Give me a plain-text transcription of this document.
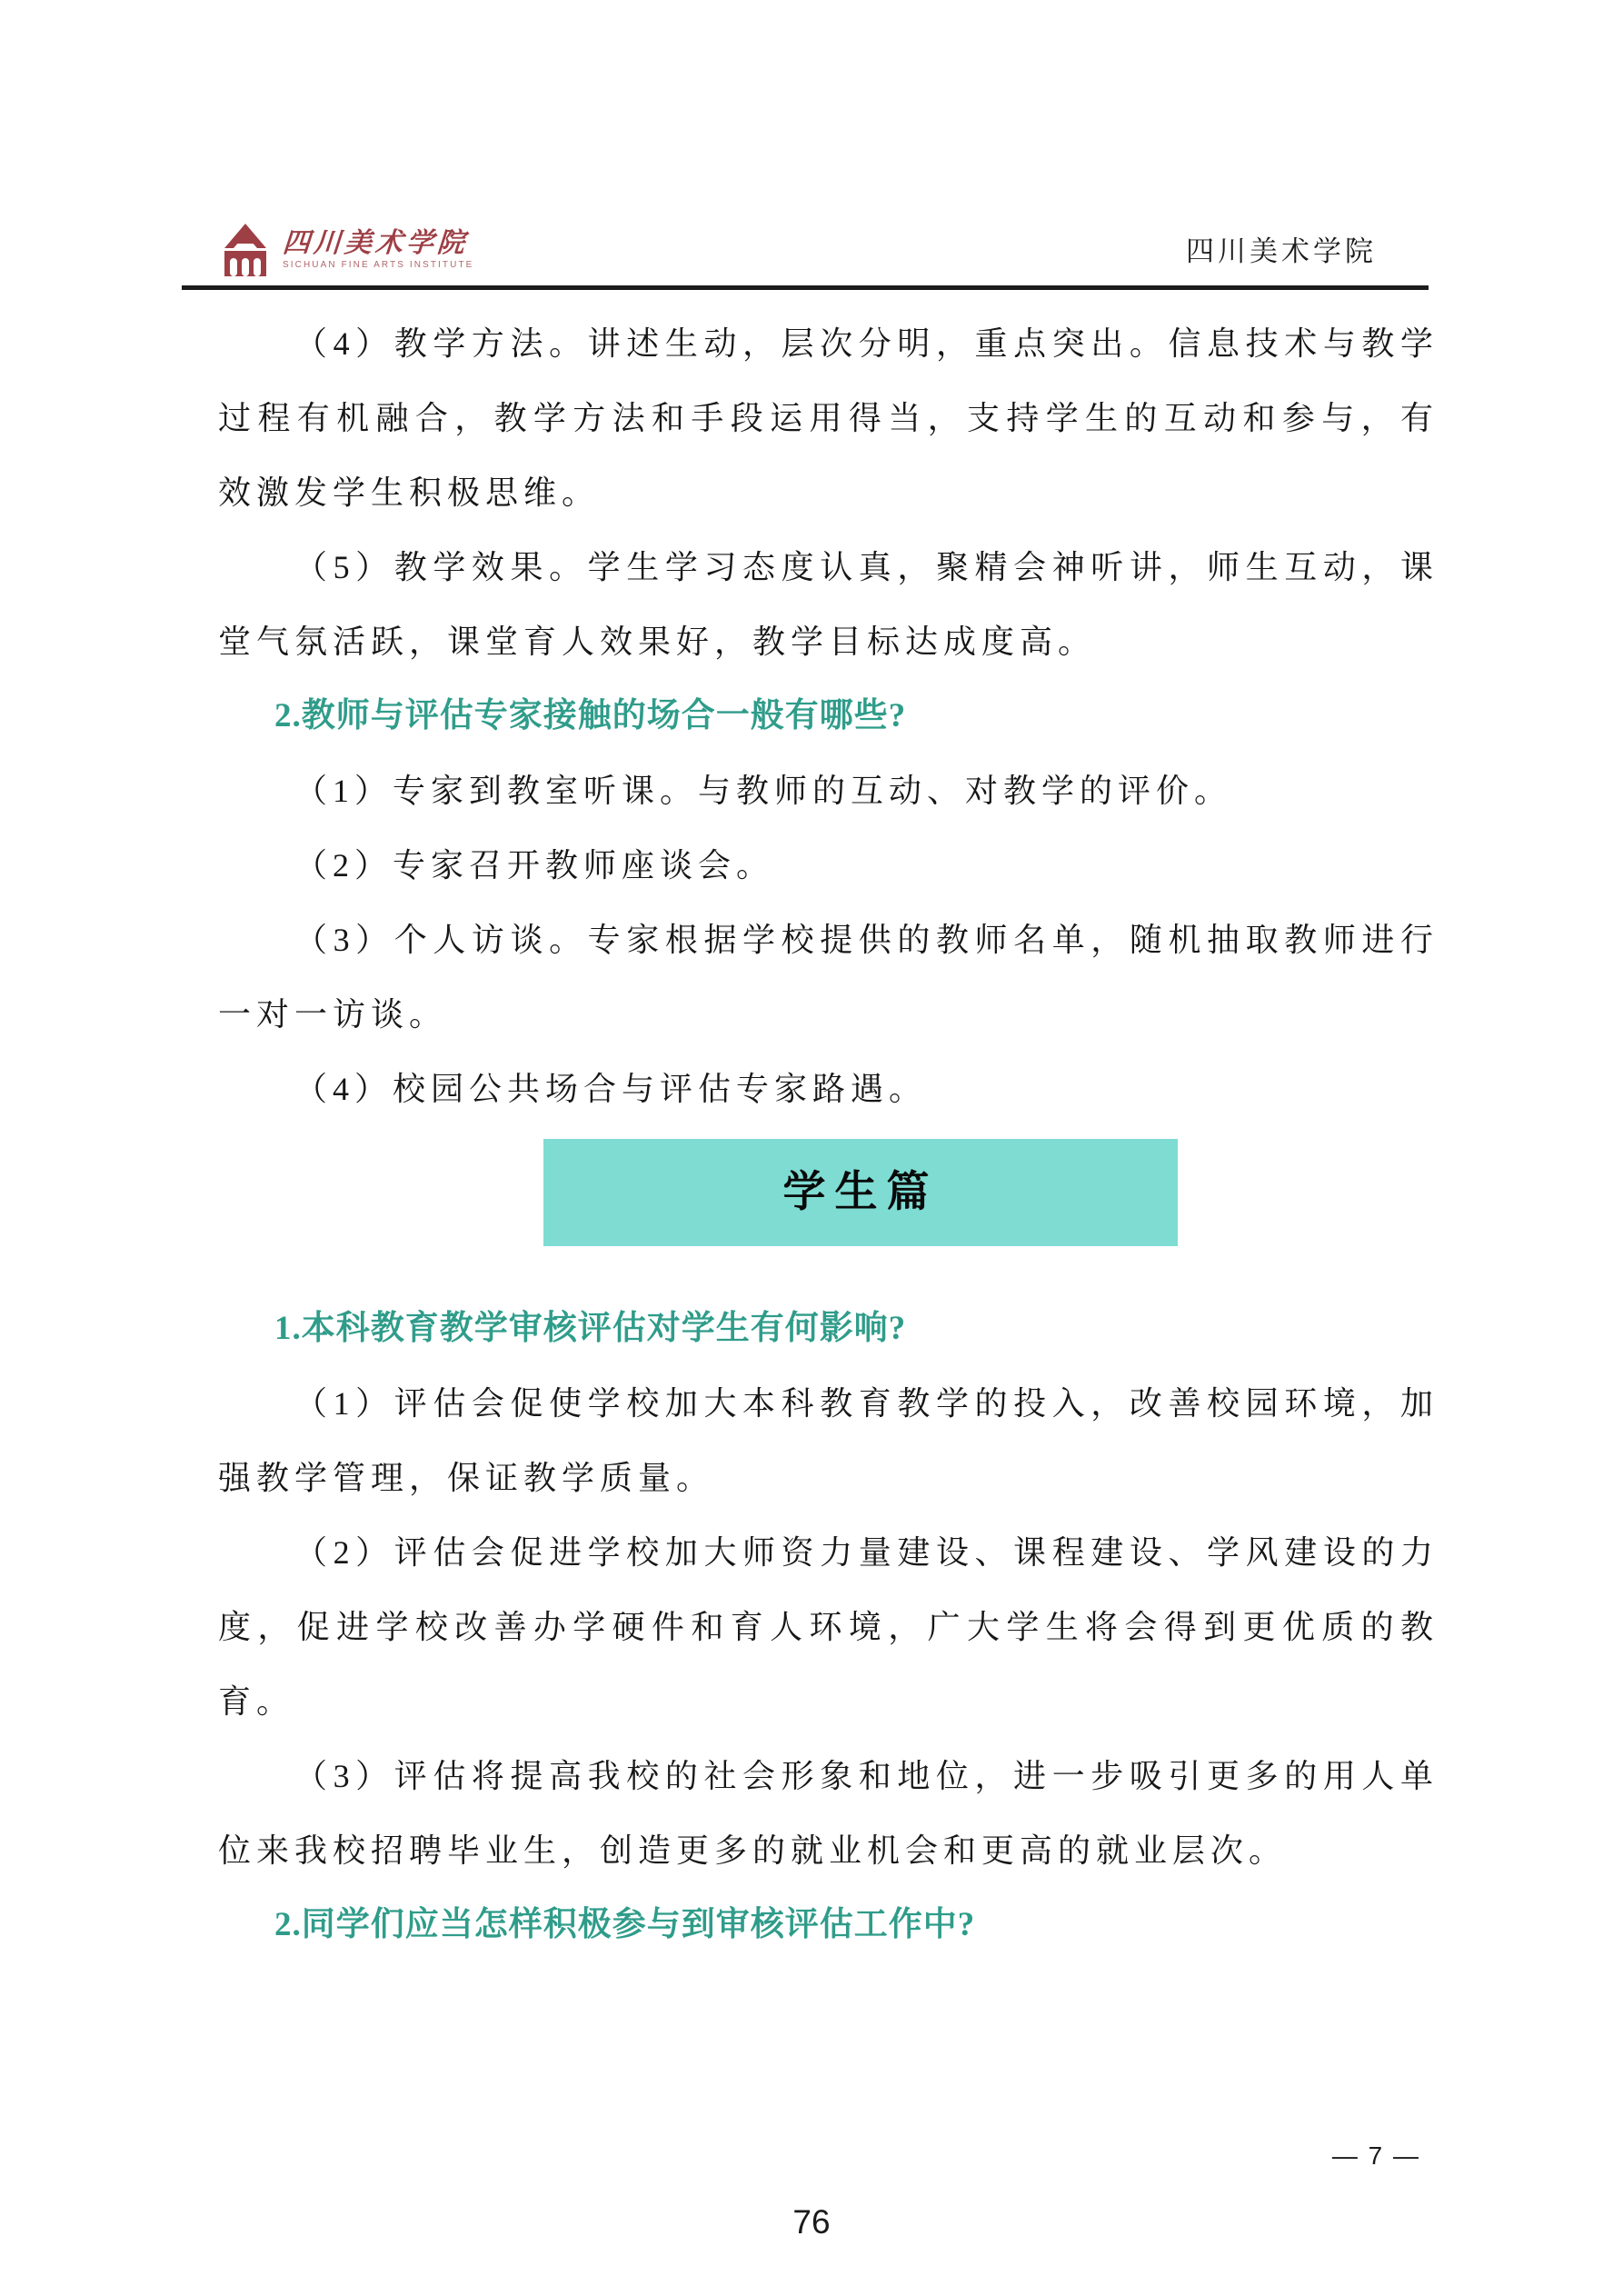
四川美术学院
SICHUAN FINE ARTS INSTITUTE	四川美术学院

（4）教学方法。讲述生动，层次分明，重点突出。信息技术与教学过程有机融合，教学方法和手段运用得当，支持学生的互动和参与，有效激发学生积极思维。

（5）教学效果。学生学习态度认真，聚精会神听讲，师生互动，课堂气氛活跃，课堂育人效果好，教学目标达成度高。

2.教师与评估专家接触的场合一般有哪些?

（1）专家到教室听课。与教师的互动、对教学的评价。

（2）专家召开教师座谈会。

（3）个人访谈。专家根据学校提供的教师名单，随机抽取教师进行一对一访谈。

（4）校园公共场合与评估专家路遇。

学生篇

1.本科教育教学审核评估对学生有何影响?

（1）评估会促使学校加大本科教育教学的投入，改善校园环境，加强教学管理，保证教学质量。

（2）评估会促进学校加大师资力量建设、课程建设、学风建设的力度，促进学校改善办学硬件和育人环境，广大学生将会得到更优质的教育。

（3）评估将提高我校的社会形象和地位，进一步吸引更多的用人单位来我校招聘毕业生，创造更多的就业机会和更高的就业层次。

2.同学们应当怎样积极参与到审核评估工作中?

— 7 —
76
